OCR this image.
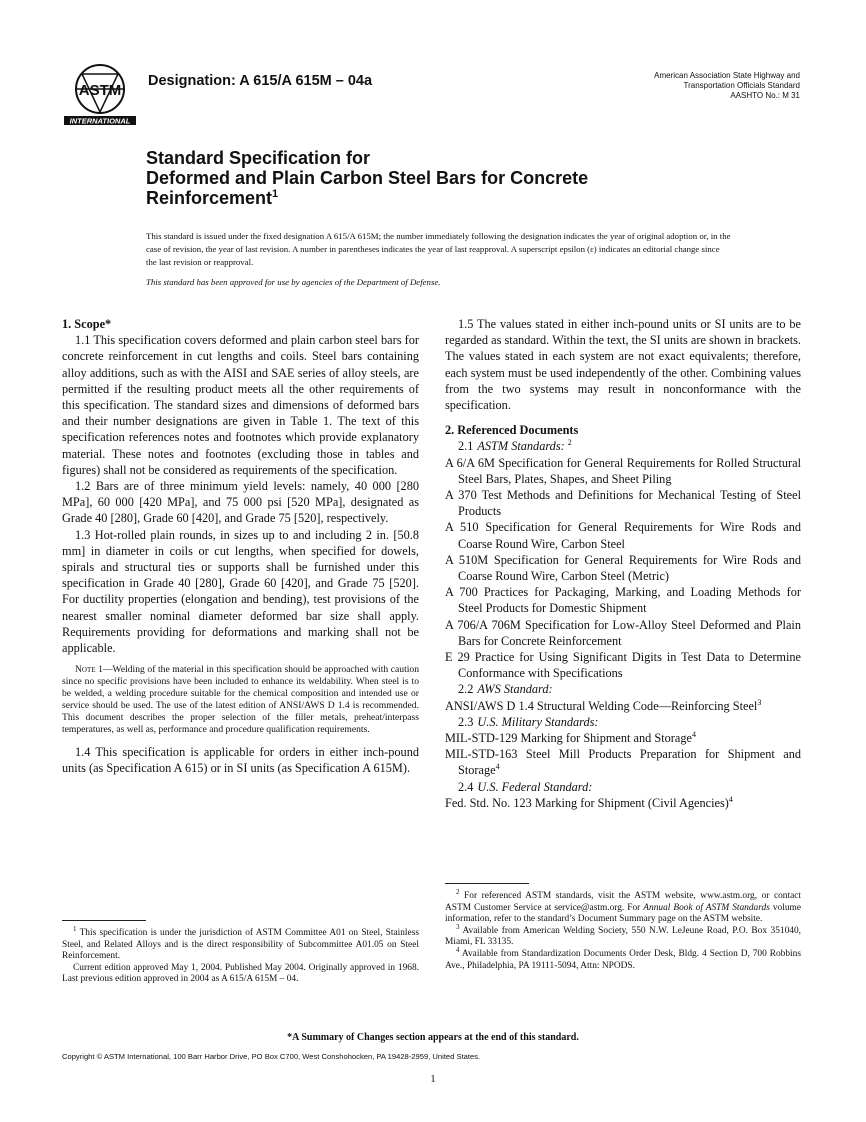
ASTM
INTERNATIONAL
Designation: A 615/A 615M – 04a	American Association State Highway and
Transportation Officials Standard
AASHTO No.: M 31
Standard Specification for
Deformed and Plain Carbon Steel Bars for Concrete
Reinforcement$^1$
This standard is issued under the fixed designation A 615/A 615M; the number immediately following the designation indicates the year of original adoption or, in the case of revision, the year of last revision. A number in parentheses indicates the year of last reapproval. A superscript epsilon (ε) indicates an editorial change since the last revision or reapproval.
This standard has been approved for use by agencies of the Department of Defense.
1. Scope*

1.1 This specification covers deformed and plain carbon steel bars for concrete reinforcement in cut lengths and coils. Steel bars containing alloy additions, such as with the AISI and SAE series of alloy steels, are permitted if the resulting product meets all the other requirements of this specification. The standard sizes and dimensions of deformed bars and their number designations are given in Table 1. The text of this specification references notes and footnotes which provide explanatory material. These notes and footnotes (excluding those in tables and figures) shall not be considered as requirements of the specification.

1.2 Bars are of three minimum yield levels: namely, 40 000 [280 MPa], 60 000 [420 MPa], and 75 000 psi [520 MPa], designated as Grade 40 [280], Grade 60 [420], and Grade 75 [520], respectively.

1.3 Hot-rolled plain rounds, in sizes up to and including 2 in. [50.8 mm] in diameter in coils or cut lengths, when specified for dowels, spirals and structural ties or supports shall be furnished under this specification in Grade 40 [280], Grade 60 [420], and Grade 75 [520]. For ductility properties (elongation and bending), test provisions of the nearest smaller nominal diameter deformed bar size shall apply. Requirements providing for deformations and marking shall not be applicable.

Note 1—Welding of the material in this specification should be approached with caution since no specific provisions have been included to enhance its weldability. When steel is to be welded, a welding procedure suitable for the chemical composition and intended use or service should be used. The use of the latest edition of ANSI/AWS D 1.4 is recommended. This document describes the proper selection of the filler metals, preheat/interpass temperatures, as well as, performance and procedure qualification requirements.

1.4 This specification is applicable for orders in either inch-pound units (as Specification A 615) or in SI units (as Specification A 615M).

1.5 The values stated in either inch-pound units or SI units are to be regarded as standard. Within the text, the SI units are shown in brackets. The values stated in each system are not exact equivalents; therefore, each system must be used independently of the other. Combining values from the two systems may result in nonconformance with the specification.

2. Referenced Documents
2.1 ASTM Standards: $^2$

A 6/A 6M Specification for General Requirements for Rolled Structural Steel Bars, Plates, Shapes, and Sheet Piling

A 370 Test Methods and Definitions for Mechanical Testing of Steel Products

A 510 Specification for General Requirements for Wire Rods and Coarse Round Wire, Carbon Steel

A 510M Specification for General Requirements for Wire Rods and Coarse Round Wire, Carbon Steel (Metric)

A 700 Practices for Packaging, Marking, and Loading Methods for Steel Products for Domestic Shipment

A 706/A 706M Specification for Low-Alloy Steel Deformed and Plain Bars for Concrete Reinforcement

E 29 Practice for Using Significant Digits in Test Data to Determine Conformance with Specifications

2.2 AWS Standard:

ANSI/AWS D 1.4 Structural Welding Code—Reinforcing Steel$^3$

2.3 U.S. Military Standards:

MIL-STD-129 Marking for Shipment and Storage$^4$

MIL-STD-163 Steel Mill Products Preparation for Shipment and Storage$^4$

2.4 U.S. Federal Standard:

Fed. Std. No. 123 Marking for Shipment (Civil Agencies)$^4$

$^1$ This specification is under the jurisdiction of ASTM Committee A01 on Steel, Stainless Steel, and Related Alloys and is the direct responsibility of Subcommittee A01.05 on Steel Reinforcement.

Current edition approved May 1, 2004. Published May 2004. Originally approved in 1968. Last previous edition approved in 2004 as A 615/A 615M – 04.

$^2$ For referenced ASTM standards, visit the ASTM website, www.astm.org, or contact ASTM Customer Service at service@astm.org. For Annual Book of ASTM Standards volume information, refer to the standard’s Document Summary page on the ASTM website.

$^3$ Available from American Welding Society, 550 N.W. LeJeune Road, P.O. Box 351040, Miami, FL 33135.

$^4$ Available from Standardization Documents Order Desk, Bldg. 4 Section D, 700 Robbins Ave., Philadelphia, PA 19111-5094, Attn: NPODS.

*A Summary of Changes section appears at the end of this standard.
Copyright © ASTM International, 100 Barr Harbor Drive, PO Box C700, West Conshohocken, PA 19428-2959, United States.
1
